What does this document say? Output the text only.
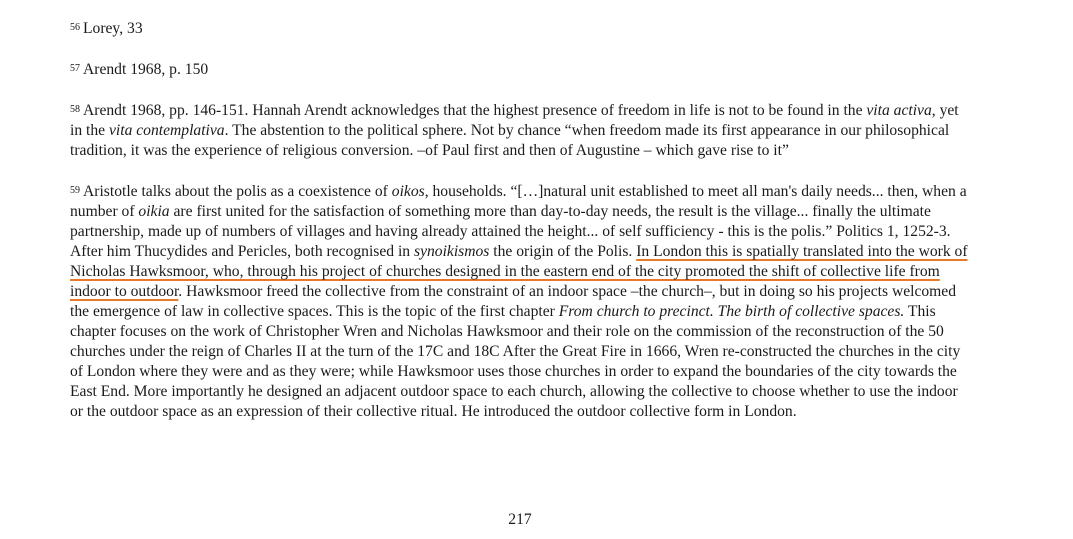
56 Lorey, 33

57 Arendt 1968, p. 150

58 Arendt 1968, pp. 146-151. Hannah Arendt acknowledges that the highest presence of freedom in life is not to be found in the vita activa, yet in the vita contemplativa. The abstention to the political sphere. Not by chance “when freedom made its first appearance in our philosophical tradition, it was the experience of religious conversion. –of Paul first and then of Augustine – which gave rise to it”

59 Aristotle talks about the polis as a coexistence of oikos, households. “[…]natural unit established to meet all man's daily needs... then, when a number of oikia are first united for the satisfaction of something more than day-to-day needs, the result is the village... finally the ultimate partnership, made up of numbers of villages and having already attained the height... of self sufficiency - this is the polis.” Politics 1, 1252-3. After him Thucydides and Pericles, both recognised in synoikismos the origin of the Polis. In London this is spatially translated into the work of Nicholas Hawksmoor, who, through his project of churches designed in the eastern end of the city promoted the shift of collective life from indoor to outdoor. Hawksmoor freed the collective from the constraint of an indoor space –the church–, but in doing so his projects welcomed the emergence of law in collective spaces. This is the topic of the first chapter From church to precinct. The birth of collective spaces. This chapter focuses on the work of Christopher Wren and Nicholas Hawksmoor and their role on the commission of the reconstruction of the 50 churches under the reign of Charles II at the turn of the 17C and 18C After the Great Fire in 1666, Wren re-constructed the churches in the city of London where they were and as they were; while Hawksmoor uses those churches in order to expand the boundaries of the city towards the East End. More importantly he designed an adjacent outdoor space to each church, allowing the collective to choose whether to use the indoor or the outdoor space as an expression of their collective ritual. He introduced the outdoor collective form in London.

217
